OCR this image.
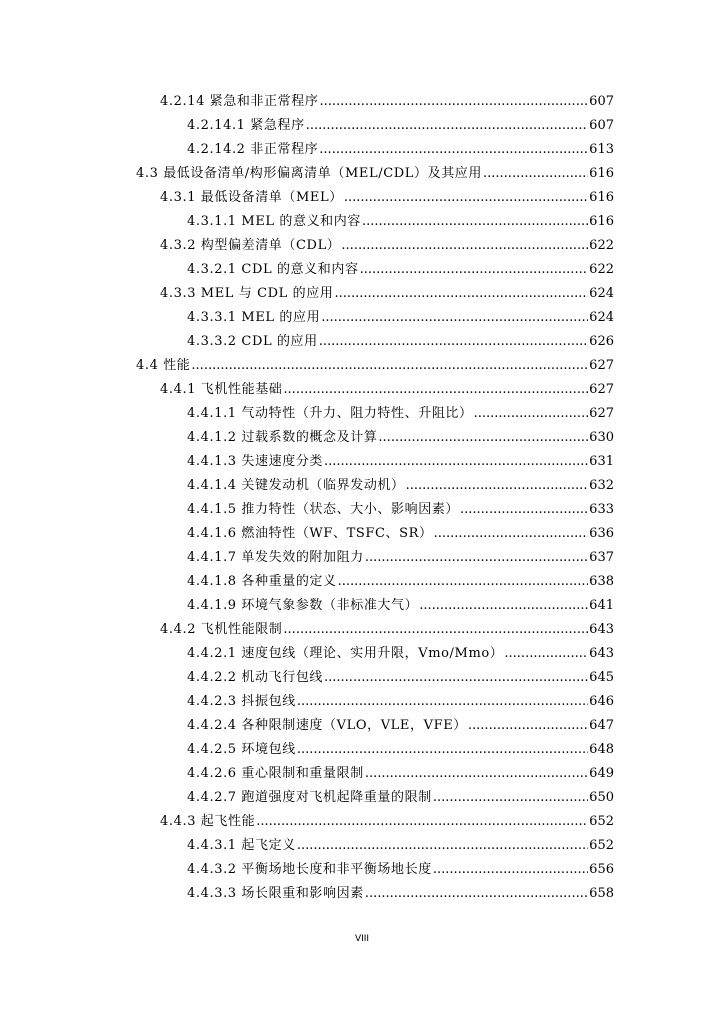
4.2.14 紧急和非正常程序 .....	607
4.2.14.1 紧急程序 .....	607
4.2.14.2 非正常程序 .....	613
4.3 最低设备清单/构形偏离清单（MEL/CDL）及其应用 .....	616
4.3.1 最低设备清单（MEL） .....	616
4.3.1.1 MEL 的意义和内容 .....	616
4.3.2 构型偏差清单（CDL） .....	622
4.3.2.1 CDL 的意义和内容 .....	622
4.3.3 MEL 与 CDL 的应用 .....	624
4.3.3.1 MEL 的应用 .....	624
4.3.3.2 CDL 的应用 .....	626
4.4 性能 .....	627
4.4.1 飞机性能基础 .....	627
4.4.1.1 气动特性（升力、阻力特性、升阻比） .....	627
4.4.1.2 过载系数的概念及计算 .....	630
4.4.1.3 失速速度分类 .....	631
4.4.1.4 关键发动机（临界发动机） .....	632
4.4.1.5 推力特性（状态、大小、影响因素） .....	633
4.4.1.6 燃油特性（WF、TSFC、SR） .....	636
4.4.1.7 单发失效的附加阻力 .....	637
4.4.1.8 各种重量的定义 .....	638
4.4.1.9 环境气象参数（非标准大气） .....	641
4.4.2 飞机性能限制 .....	643
4.4.2.1 速度包线（理论、实用升限，Vmo/Mmo） .....	643
4.4.2.2 机动飞行包线 .....	645
4.4.2.3 抖振包线 .....	646
4.4.2.4 各种限制速度（VLO，VLE，VFE） .....	647
4.4.2.5 环境包线 .....	648
4.4.2.6 重心限制和重量限制 .....	649
4.4.2.7 跑道强度对飞机起降重量的限制 .....	650
4.4.3 起飞性能 .....	652
4.4.3.1 起飞定义 .....	652
4.4.3.2 平衡场地长度和非平衡场地长度 .....	656
4.4.3.3 场长限重和影响因素 .....	658
VIII
